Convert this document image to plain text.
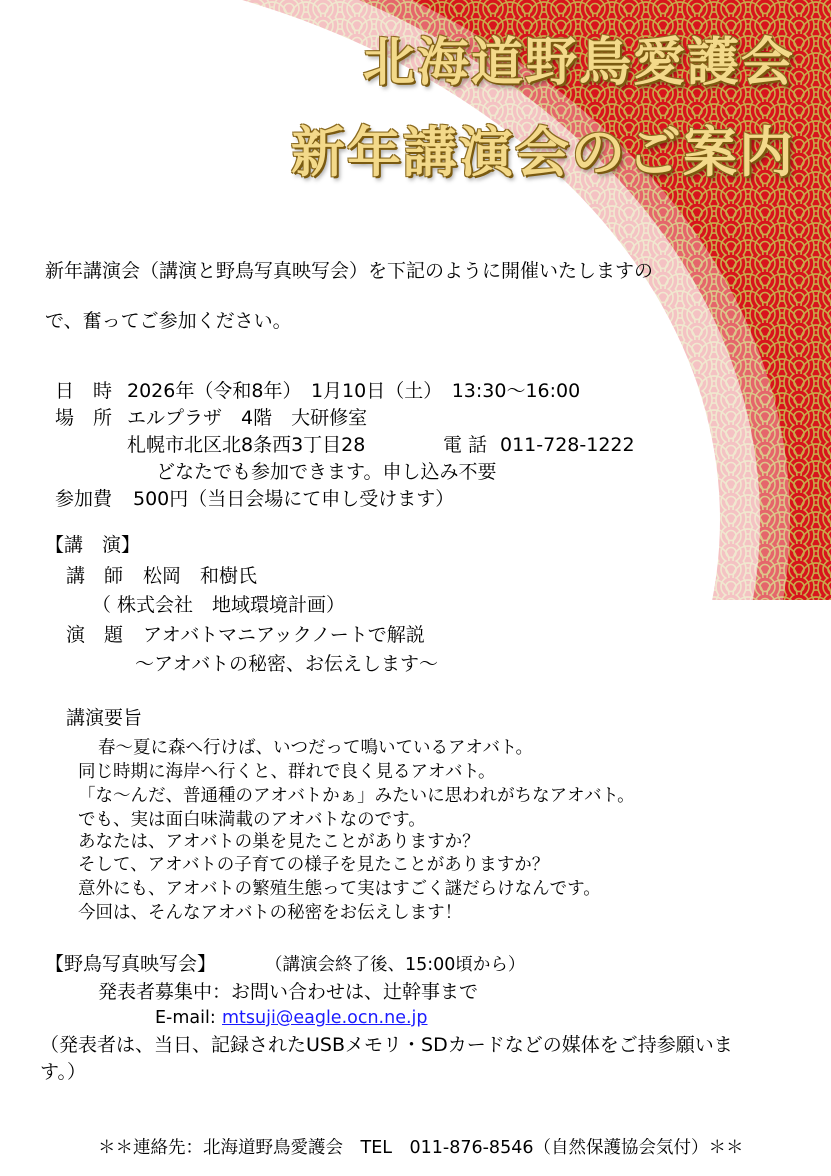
北海道野鳥愛護会
新年講演会のご案内
新年講演会（講演と野鳥写真映写会）を下記のように開催いたしますの
で、奮ってご参加ください。
日　時 2026年（令和8年）　1月10日（土）　13:30～16:00
場　所 エルプラザ　4階　大研修室
札幌市北区北8条西3丁目28	電 話 011-728-1222
どなたでも参加できます。申し込み不要
参加費 500円（当日会場にて申し受けます）
【講　演】
講　師 松岡　和樹氏
（ 株式会社　地域環境計画）
演　題 アオバトマニアックノートで解説
～アオバトの秘密、お伝えします～
講演要旨
春～夏に森へ行けば、いつだって鳴いているアオバト。
同じ時期に海岸へ行くと、群れで良く見るアオバト。
「な～んだ、普通種のアオバトかぁ」みたいに思われがちなアオバト。
でも、実は面白味満載のアオバトなのです。
あなたは、アオバトの巣を見たことがありますか？
そして、アオバトの子育ての様子を見たことがありますか？
意外にも、アオバトの繁殖生態って実はすごく謎だらけなんです。
今回は、そんなアオバトの秘密をお伝えします！
【野鳥写真映写会】	（講演会終了後、15:00頃から）
発表者募集中：お問い合わせは、辻幹事まで
E-mail: mtsuji@eagle.ocn.ne.jp
（発表者は、当日、記録されたUSBメモリ・SDカードなどの媒体をご持参願いま
す。）
＊＊連絡先：北海道野鳥愛護会　TEL　011-876-8546（自然保護協会気付）＊＊
